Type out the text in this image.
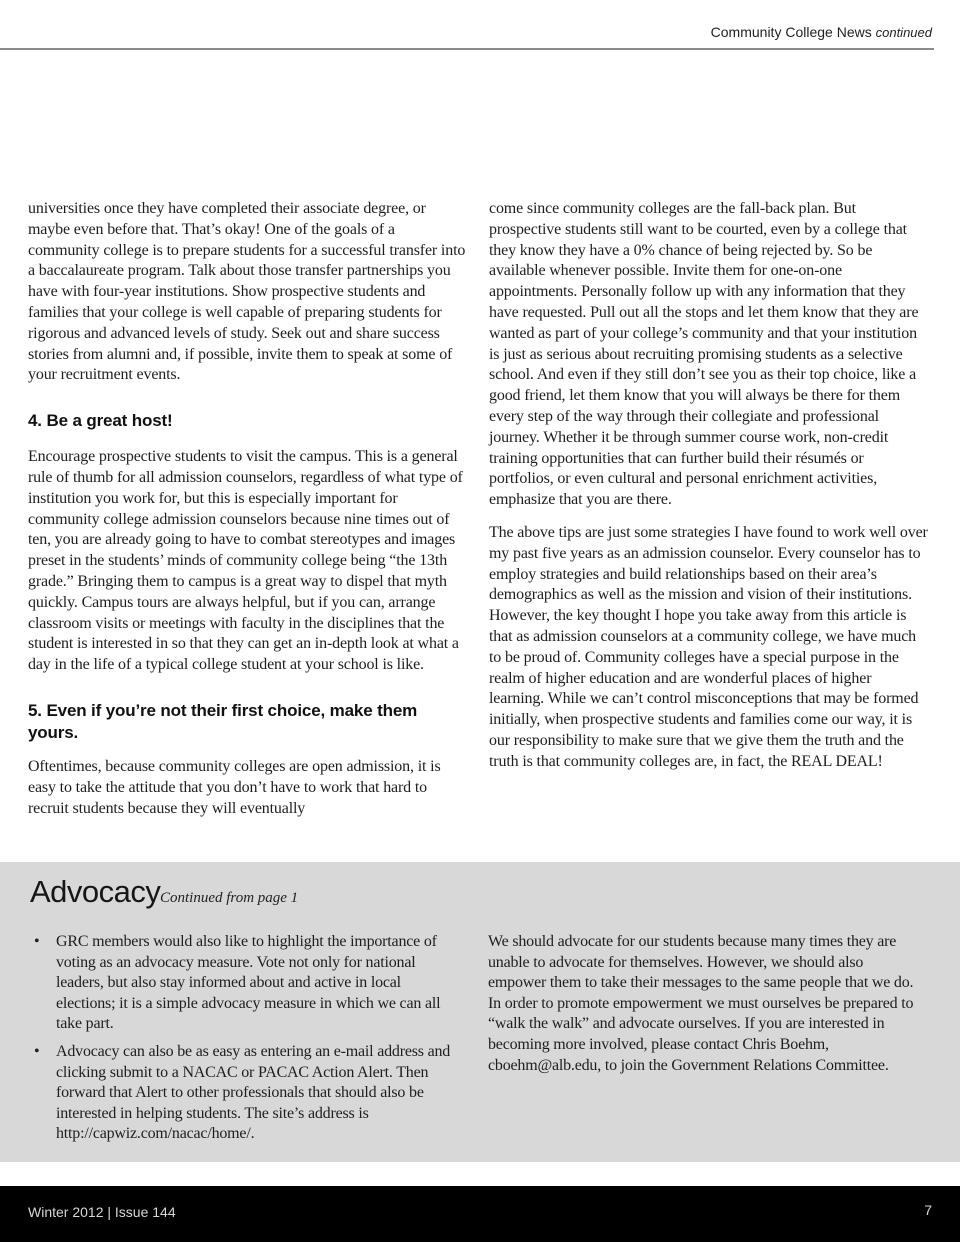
Community College News continued

universities once they have completed their associate degree, or maybe even before that. That’s okay! One of the goals of a community college is to prepare students for a successful transfer into a baccalaureate program. Talk about those transfer partnerships you have with four-year institutions. Show prospective students and families that your college is well capable of preparing students for rigorous and advanced levels of study. Seek out and share success stories from alumni and, if possible, invite them to speak at some of your recruitment events.

4. Be a great host!

Encourage prospective students to visit the campus. This is a general rule of thumb for all admission counselors, regardless of what type of institution you work for, but this is especially important for community college admission counselors because nine times out of ten, you are already going to have to combat stereotypes and images preset in the students’ minds of community college being “the 13th grade.” Bringing them to campus is a great way to dispel that myth quickly. Campus tours are always helpful, but if you can, arrange classroom visits or meetings with faculty in the disciplines that the student is interested in so that they can get an in-depth look at what a day in the life of a typical college student at your school is like.

5. Even if you’re not their first choice, make them yours.

Oftentimes, because community colleges are open admission, it is easy to take the attitude that you don’t have to work that hard to recruit students because they will eventually

come since community colleges are the fall-back plan. But prospective students still want to be courted, even by a college that they know they have a 0% chance of being rejected by. So be available whenever possible. Invite them for one-on-one appointments. Personally follow up with any information that they have requested. Pull out all the stops and let them know that they are wanted as part of your college’s community and that your institution is just as serious about recruiting promising students as a selective school. And even if they still don’t see you as their top choice, like a good friend, let them know that you will always be there for them every step of the way through their collegiate and professional journey. Whether it be through summer course work, non-credit training opportunities that can further build their résumés or portfolios, or even cultural and personal enrichment activities, emphasize that you are there.

The above tips are just some strategies I have found to work well over my past five years as an admission counselor. Every counselor has to employ strategies and build relationships based on their area’s demographics as well as the mission and vision of their institutions. However, the key thought I hope you take away from this article is that as admission counselors at a community college, we have much to be proud of. Community colleges have a special purpose in the realm of higher education and are wonderful places of higher learning. While we can’t control misconceptions that may be formed initially, when prospective students and families come our way, it is our responsibility to make sure that we give them the truth and the truth is that community colleges are, in fact, the REAL DEAL!

Advocacy Continued from page 1
• GRC members would also like to highlight the importance of voting as an advocacy measure. Vote not only for national leaders, but also stay informed about and active in local elections; it is a simple advocacy measure in which we can all take part.
• Advocacy can also be as easy as entering an e-mail address and clicking submit to a NACAC or PACAC Action Alert. Then forward that Alert to other professionals that should also be interested in helping students. The site’s address is http://capwiz.com/nacac/home/.

We should advocate for our students because many times they are unable to advocate for themselves. However, we should also empower them to take their messages to the same people that we do. In order to promote empowerment we must ourselves be prepared to “walk the walk” and advocate ourselves. If you are interested in becoming more involved, please contact Chris Boehm, cboehm@alb.edu, to join the Government Relations Committee.

Winter 2012 | Issue 144	7
